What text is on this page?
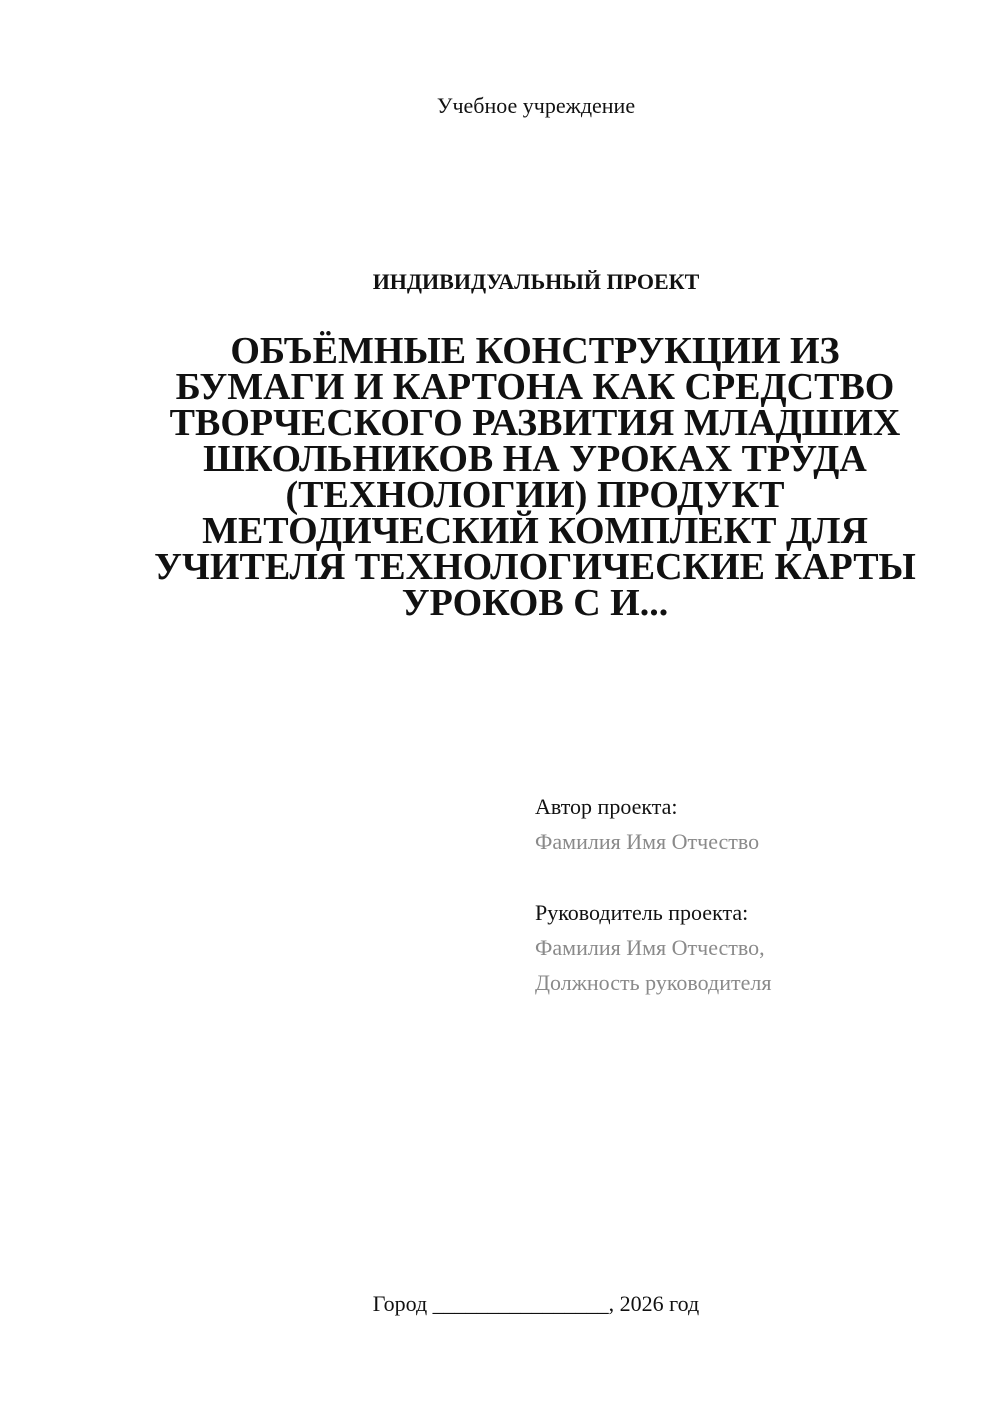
Учебное учреждение
ИНДИВИДУАЛЬНЫЙ ПРОЕКТ
ОБЪЁМНЫЕ КОНСТРУКЦИИ ИЗ
БУМАГИ И КАРТОНА КАК СРЕДСТВО
ТВОРЧЕСКОГО РАЗВИТИЯ МЛАДШИХ
ШКОЛЬНИКОВ НА УРОКАХ ТРУДА
(ТЕХНОЛОГИИ) ПРОДУКТ
МЕТОДИЧЕСКИЙ КОМПЛЕКТ ДЛЯ
УЧИТЕЛЯ ТЕХНОЛОГИЧЕСКИЕ КАРТЫ
УРОКОВ С И...
Автор проекта:
Фамилия Имя Отчество
Руководитель проекта:
Фамилия Имя Отчество,
Должность руководителя
Город ________________, 2026 год
